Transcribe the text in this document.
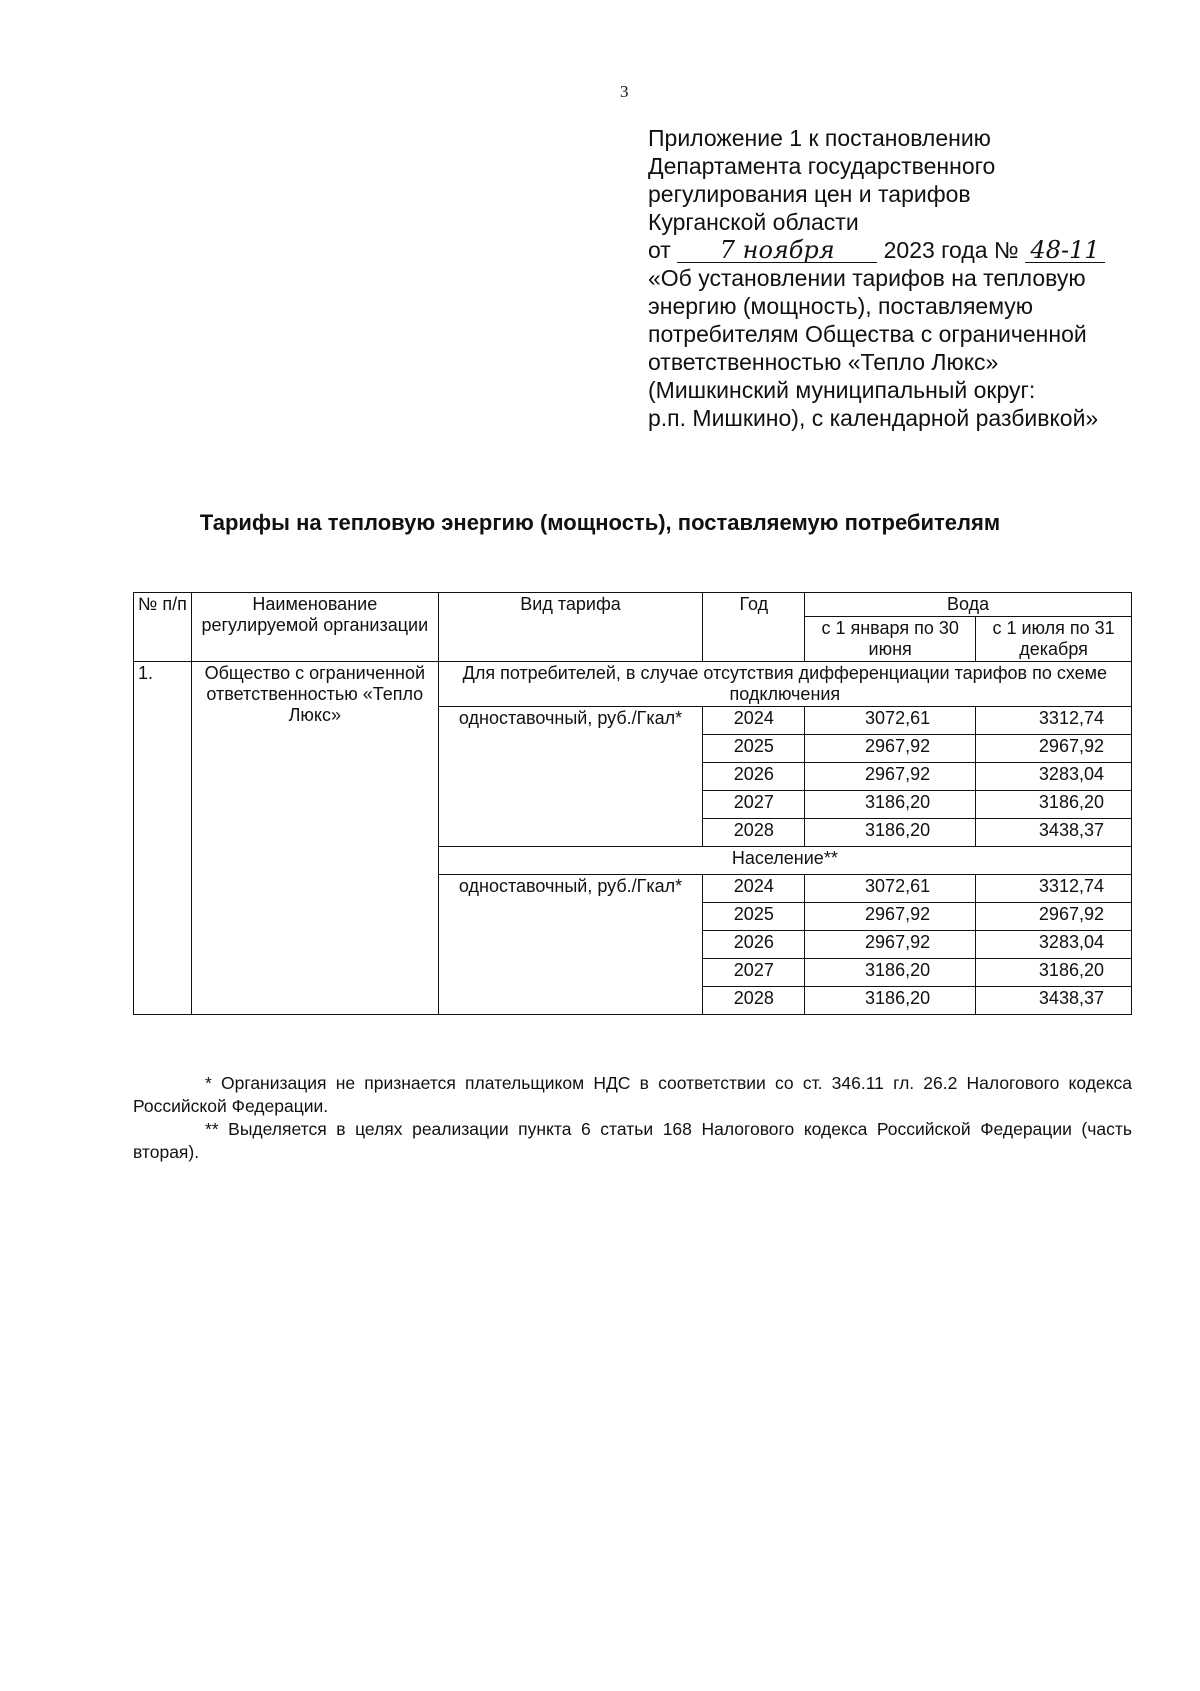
3
Приложение 1 к постановлению
Департамента государственного
регулирования цен и тарифов
Курганской области
от 7 ноября 2023 года № 48-11
«Об установлении тарифов на тепловую
энергию (мощность), поставляемую
потребителям Общества с ограниченной
ответственностью «Тепло Люкс»
(Мишкинский муниципальный округ:
р.п. Мишкино), с календарной разбивкой»
Тарифы на тепловую энергию (мощность), поставляемую потребителям
№ п/п	Наименование регулируемой организации	Вид тарифа	Год	Вода	
				с 1 января по 30 июня	с 1 июля по 31 декабря
1.	Общество с ограниченной ответственностью «Тепло Люкс»	Для потребителей, в случае отсутствия дифференциации тарифов по схеме подключения			
		одноставочный, руб./Гкал*	2024	3072,61	3312,74
			2025	2967,92	2967,92
			2026	2967,92	3283,04
			2027	3186,20	3186,20
			2028	3186,20	3438,37
		Население**			
		одноставочный, руб./Гкал*	2024	3072,61	3312,74
			2025	2967,92	2967,92
			2026	2967,92	3283,04
			2027	3186,20	3186,20
			2028	3186,20	3438,37

* Организация не признается плательщиком НДС в соответствии со ст. 346.11 гл. 26.2 Налогового кодекса Российской Федерации.

** Выделяется в целях реализации пункта 6 статьи 168 Налогового кодекса Российской Федерации (часть вторая).
